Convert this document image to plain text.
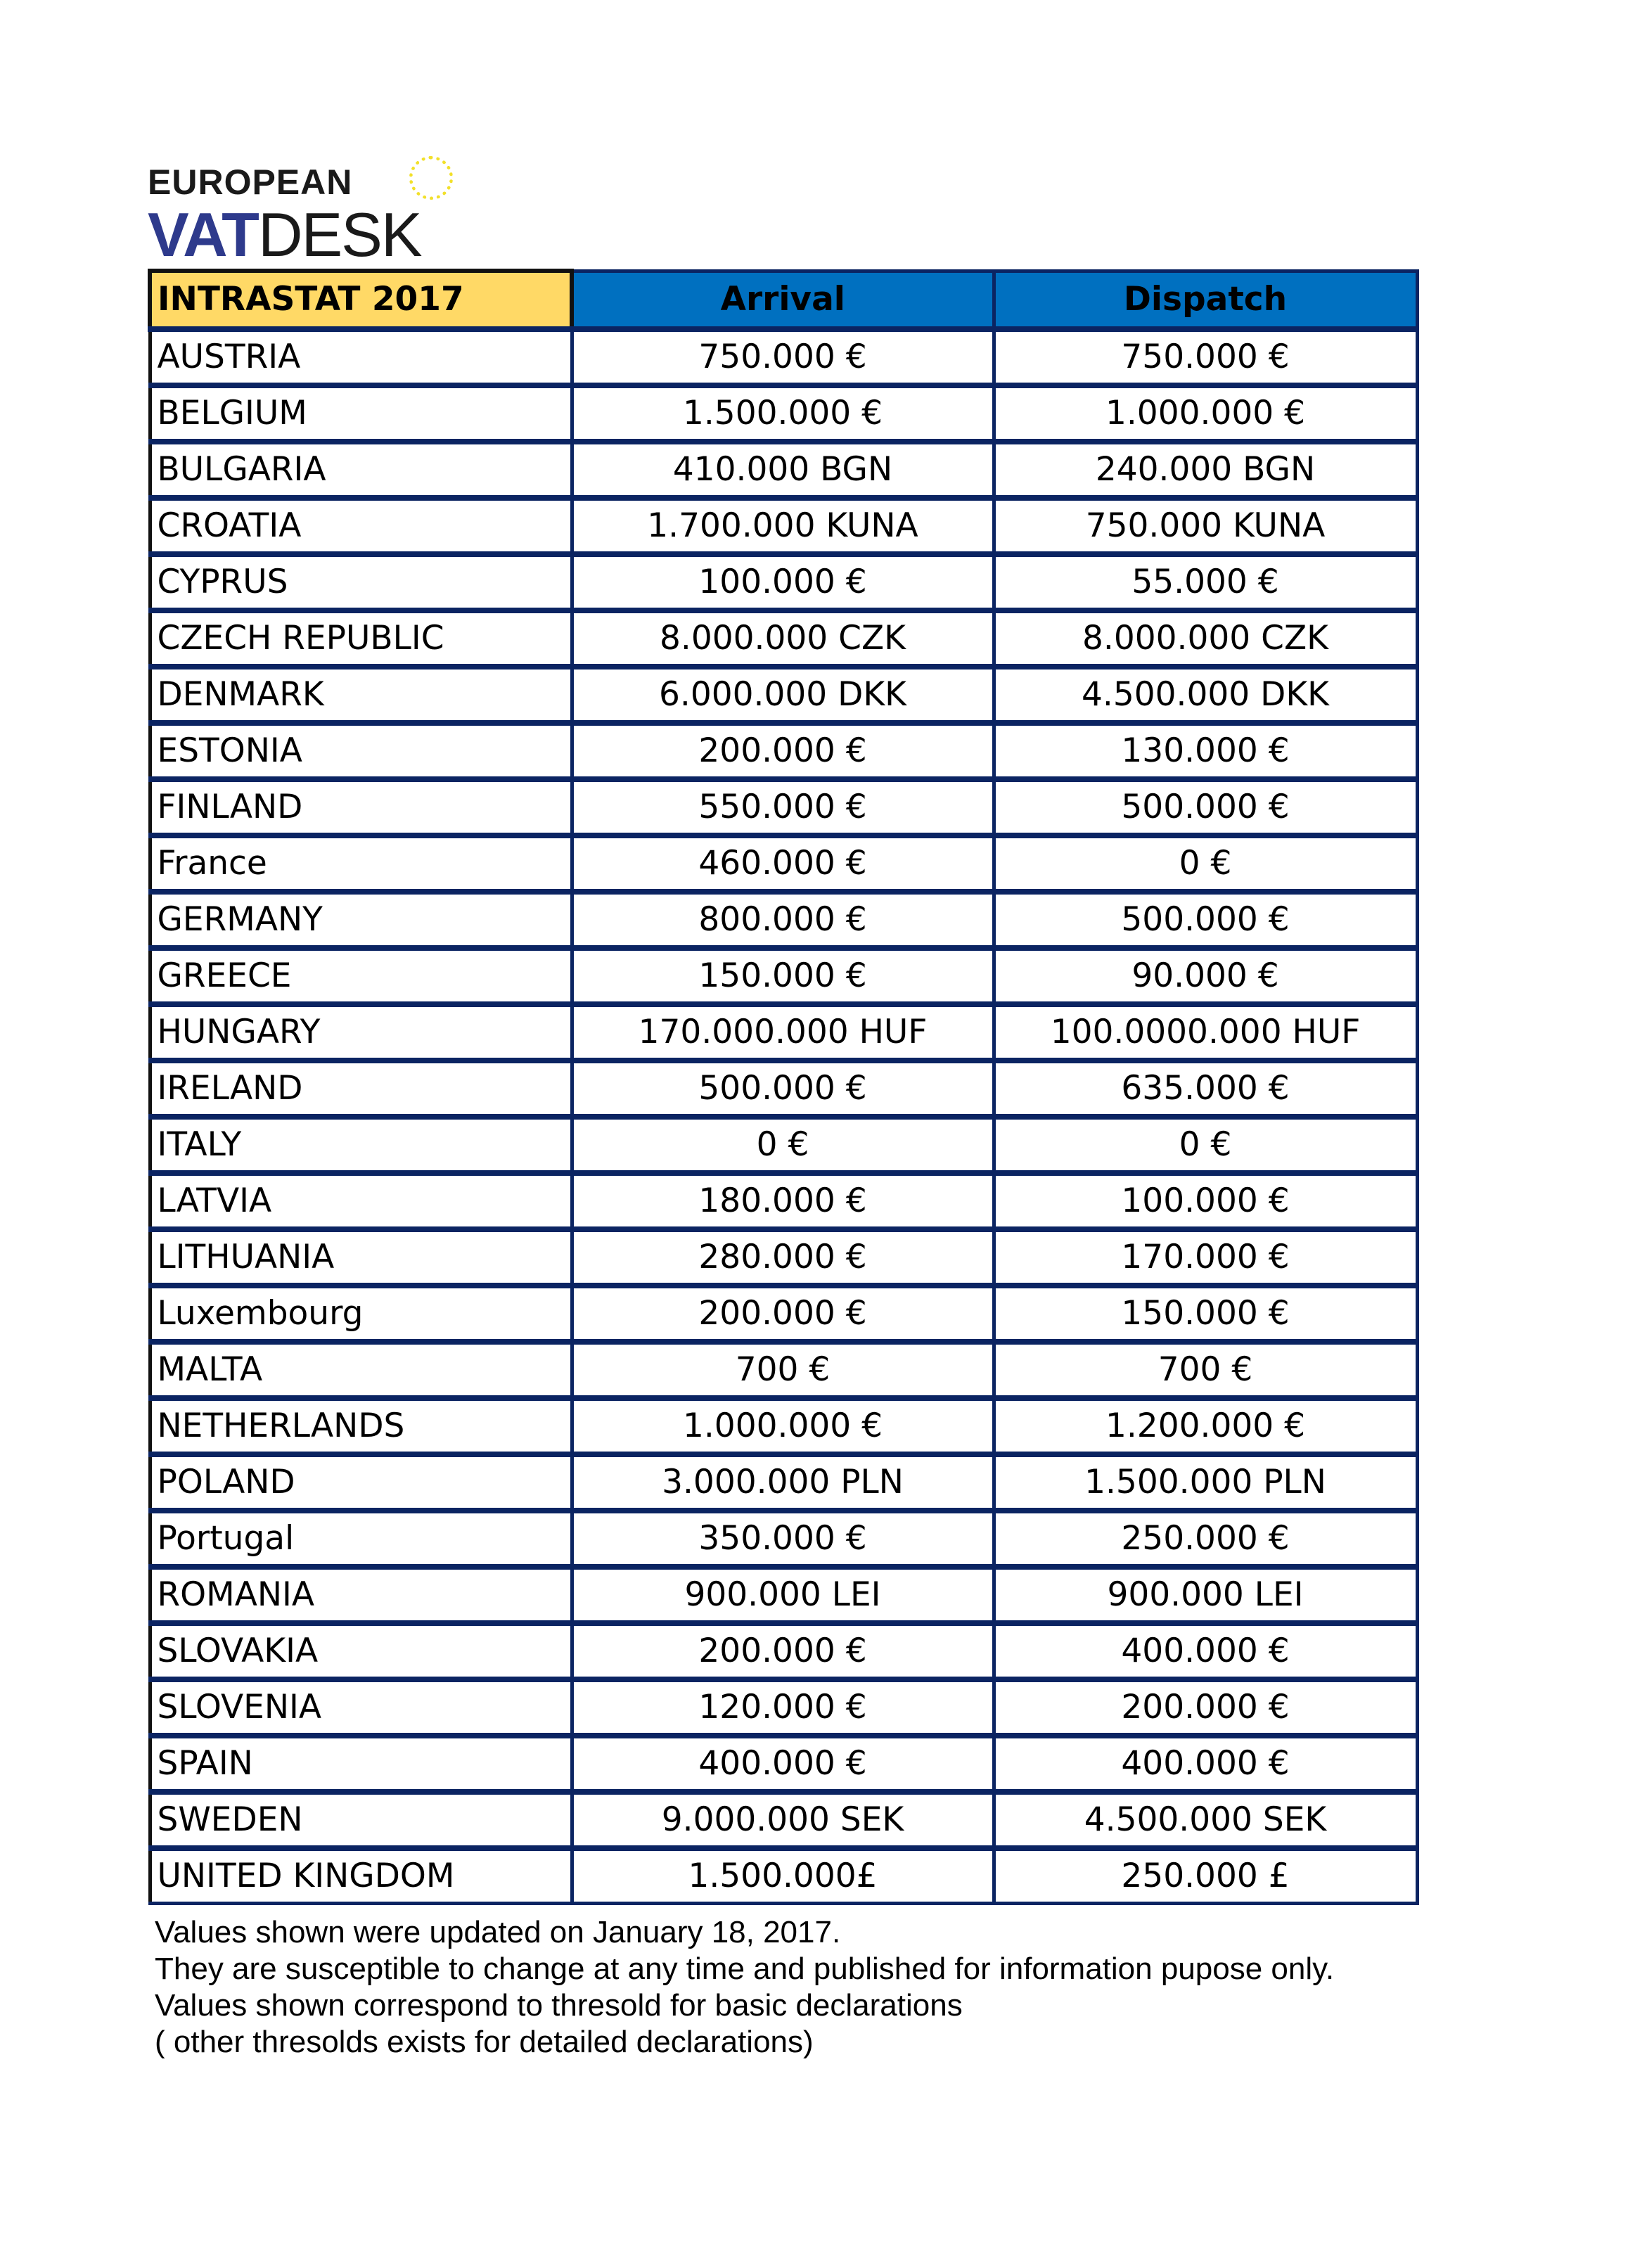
EUROPEAN
VATDESK
INTRASTAT 2017	Arrival	Dispatch
AUSTRIA	750.000 €	750.000 €
BELGIUM	1.500.000 €	1.000.000 €
BULGARIA	410.000 BGN	240.000 BGN
CROATIA	1.700.000 KUNA	750.000 KUNA
CYPRUS	100.000 €	55.000 €
CZECH REPUBLIC	8.000.000 CZK	8.000.000 CZK
DENMARK	6.000.000 DKK	4.500.000 DKK
ESTONIA	200.000 €	130.000 €
FINLAND	550.000 €	500.000 €
France	460.000 €	0 €
GERMANY	800.000 €	500.000 €
GREECE	150.000 €	90.000 €
HUNGARY	170.000.000 HUF	100.0000.000 HUF
IRELAND	500.000 €	635.000 €
ITALY	0 €	0 €
LATVIA	180.000 €	100.000 €
LITHUANIA	280.000 €	170.000 €
Luxembourg	200.000 €	150.000 €
MALTA	700 €	700 €
NETHERLANDS	1.000.000 €	1.200.000 €
POLAND	3.000.000 PLN	1.500.000 PLN
Portugal	350.000 €	250.000 €
ROMANIA	900.000 LEI	900.000 LEI
SLOVAKIA	200.000 €	400.000 €
SLOVENIA	120.000 €	200.000 €
SPAIN	400.000 €	400.000 €
SWEDEN	9.000.000 SEK	4.500.000 SEK
UNITED KINGDOM	1.500.000£	250.000 £
Values shown were updated on January 18, 2017.
They are susceptible to change at any time and published for information pupose only.
Values shown correspond to thresold for basic declarations
( other thresolds exists for detailed declarations)
